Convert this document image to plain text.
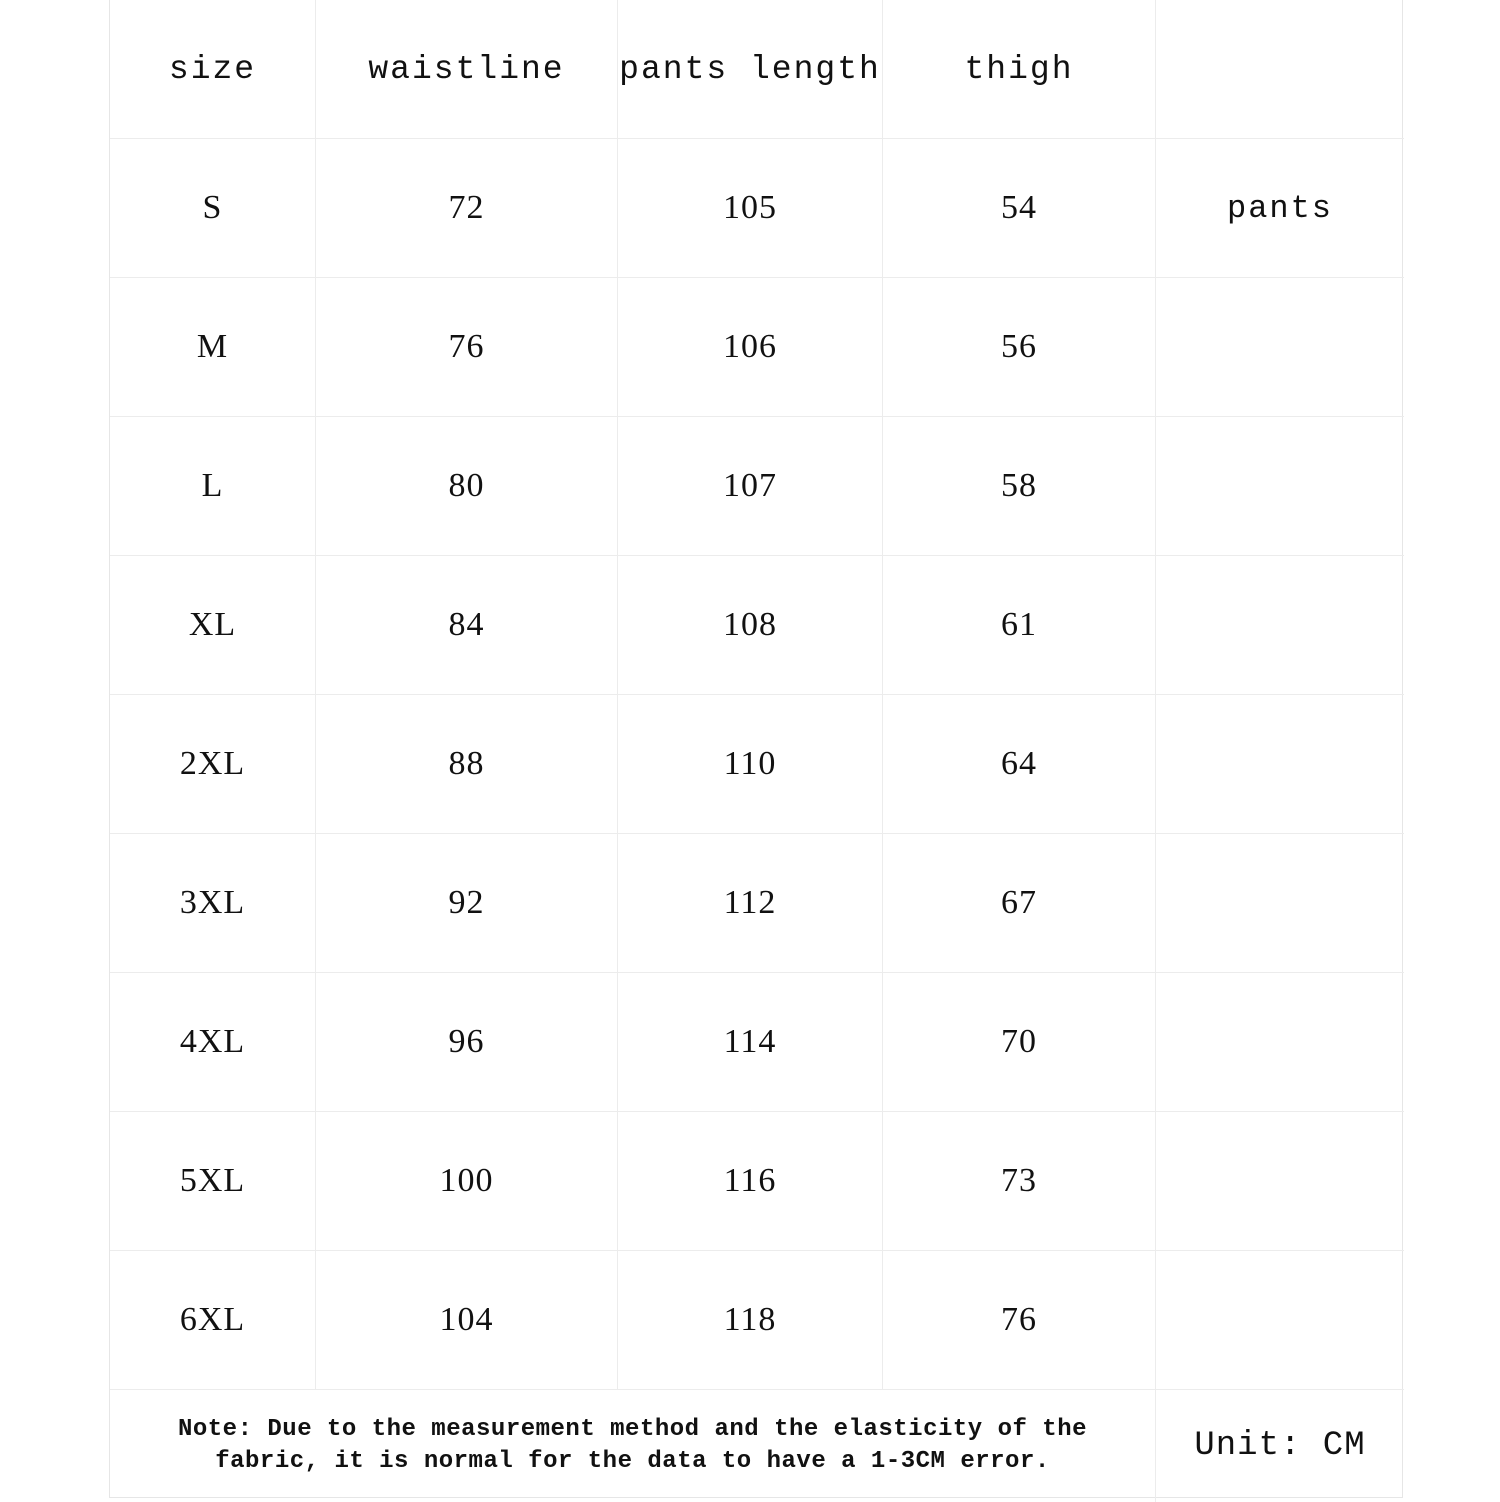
size	waistline	pants length	thigh
S	72	105	54	pants
M	76	106	56
L	80	107	58
XL	84	108	61
2XL	88	110	64
3XL	92	112	67
4XL	96	114	70
5XL	100	116	73
6XL	104	118	76
Note: Due to the measurement method and the elasticity of the
fabric, it is normal for the data to have a 1-3CM error.	Unit: CM
